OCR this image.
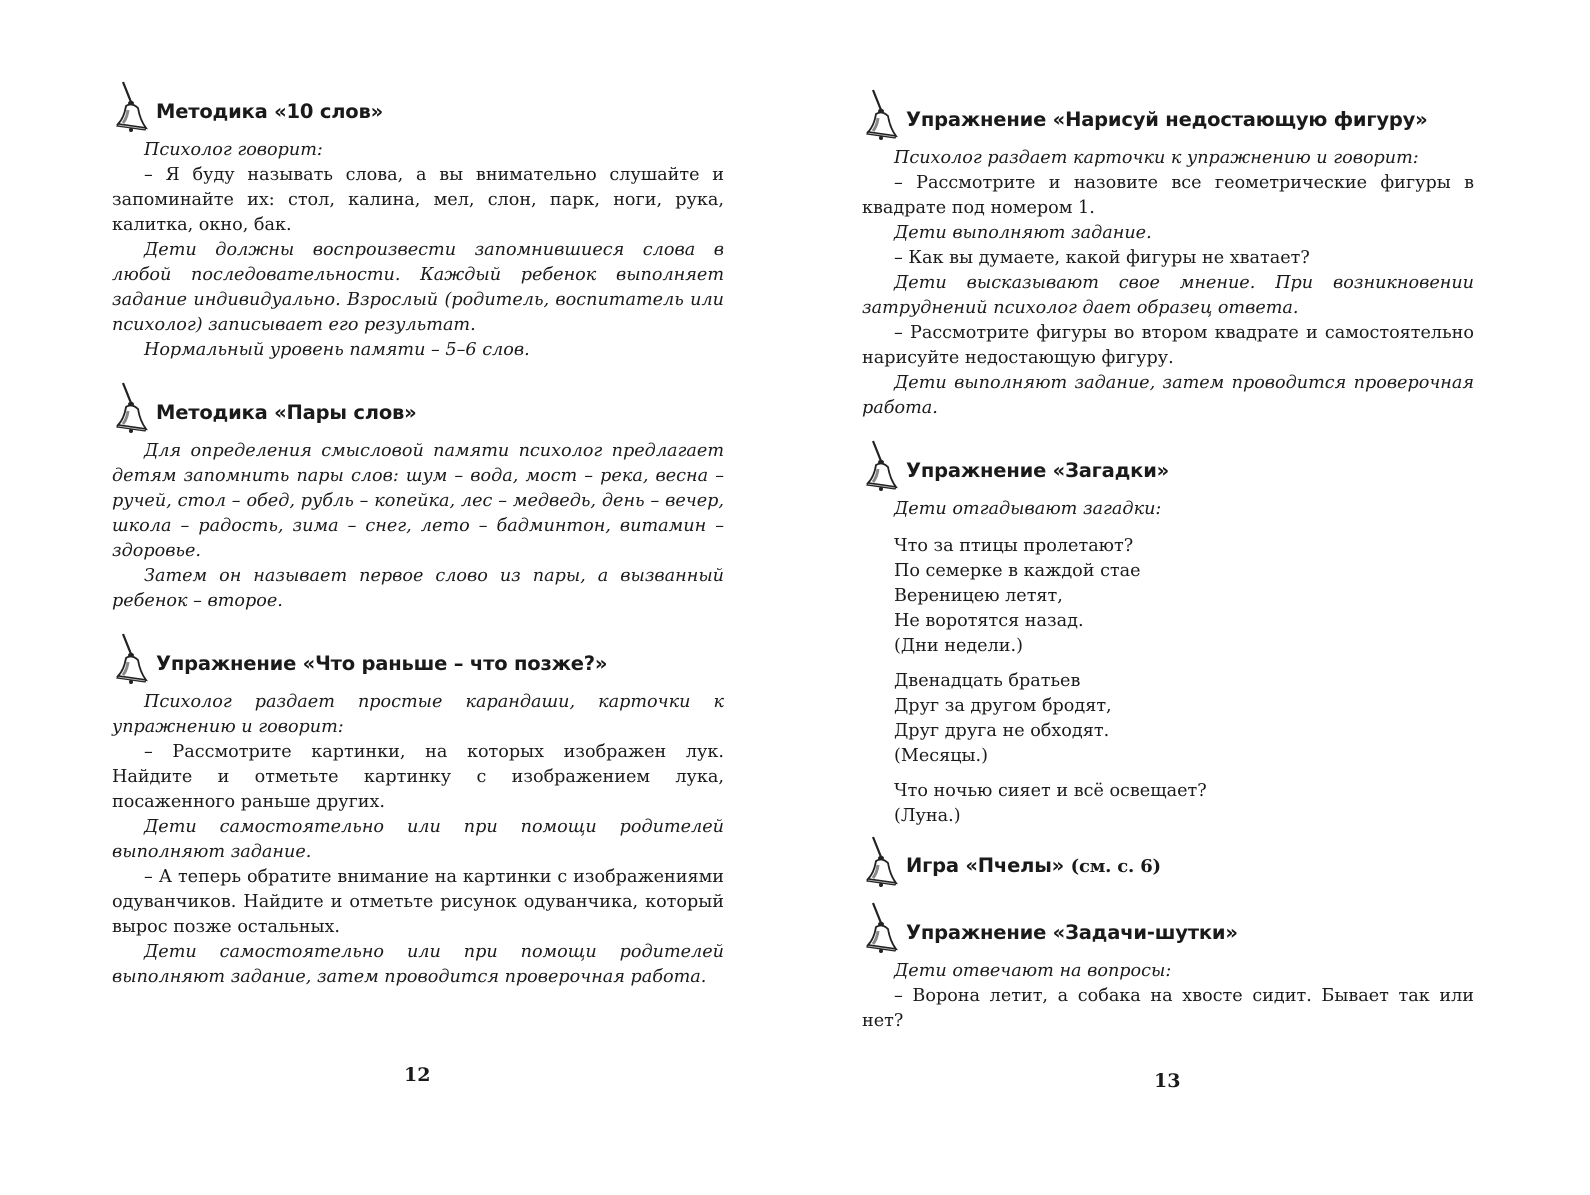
Методика «10 слов»

Психолог говорит:

– Я буду называть слова, а вы внимательно слушайте и запоминайте их: стол, калина, мел, слон, парк, ноги, рука, калитка, окно, бак.

Дети должны воспроизвести запомнившиеся слова в любой последовательности. Каждый ребенок выполняет задание индивидуально. Взрослый (родитель, воспитатель или психолог) записывает его результат.

Нормальный уровень памяти – 5–6 слов.

Методика «Пары слов»

Для определения смысловой памяти психолог предлагает детям запомнить пары слов: шум – вода, мост – река, весна – ручей, стол – обед, рубль – копейка, лес – медведь, день – вечер, школа – радость, зима – снег, лето – бадминтон, витамин – здоровье.

Затем он называет первое слово из пары, а вызванный ребенок – второе.

Упражнение «Что раньше – что позже?»

Психолог раздает простые карандаши, карточки к упражнению и говорит:

– Рассмотрите картинки, на которых изображен лук. Найдите и отметьте картинку с изображением лука, посаженного раньше других.

Дети самостоятельно или при помощи родителей выполняют задание.

– А теперь обратите внимание на картинки с изображениями одуванчиков. Найдите и отметьте рисунок одуванчика, который вырос позже остальных.

Дети самостоятельно или при помощи родителей выполняют задание, затем проводится проверочная работа.

Упражнение «Нарисуй недостающую фигуру»

Психолог раздает карточки к упражнению и говорит:

– Рассмотрите и назовите все геометрические фигуры в квадрате под номером 1.

Дети выполняют задание.

– Как вы думаете, какой фигуры не хватает?

Дети высказывают свое мнение. При возникновении затруднений психолог дает образец ответа.

– Рассмотрите фигуры во втором квадрате и самостоятельно нарисуйте недостающую фигуру.

Дети выполняют задание, затем проводится проверочная работа.

Упражнение «Загадки»

Дети отгадывают загадки:

Что за птицы пролетают?
По семерке в каждой стае
Вереницею летят,
Не воротятся назад.
(Дни недели.)
Двенадцать братьев
Друг за другом бродят,
Друг друга не обходят.
(Месяцы.)
Что ночью сияет и всё освещает?
(Луна.)
Игра «Пчелы» (см. с. 6)
Упражнение «Задачи-шутки»

Дети отвечают на вопросы:

– Ворона летит, а собака на хвосте сидит. Бывает так или нет?

12	13
